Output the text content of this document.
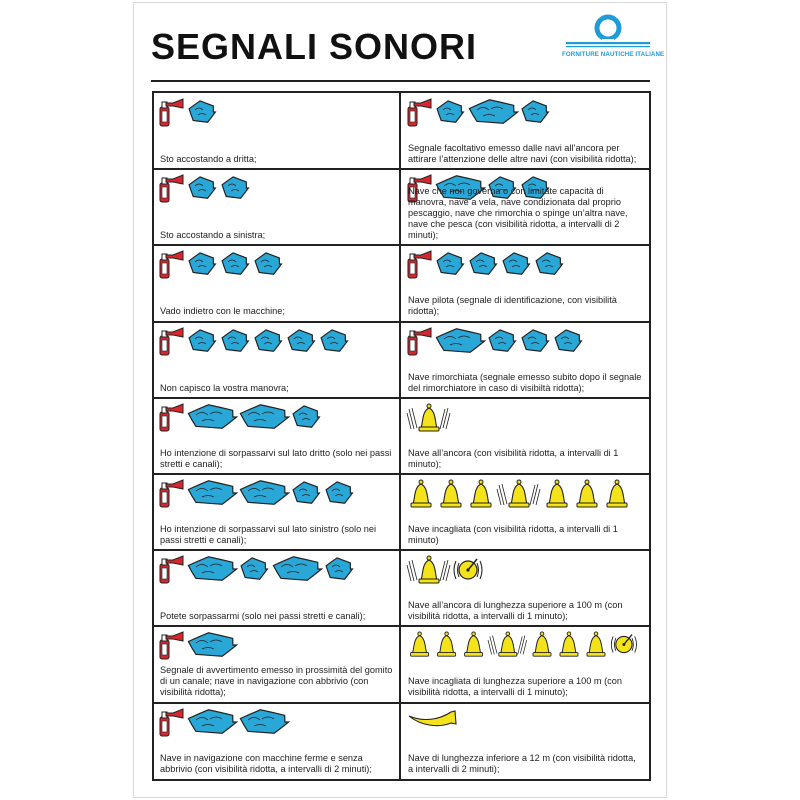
SEGNALI SONORI	FORNITURE NAUTICHE ITALIANE
Sto accostando a dritta;
Sto accostando a sinistra;
Vado indietro con le macchine;
Non capisco la vostra manovra;
Ho intenzione di sorpassarvi sul lato dritto (solo nei passi stretti e canali);
Ho intenzione di sorpassarvi sul lato sinistro (solo nei passi stretti e canali);
Potete sorpassarmi (solo nei passi stretti e canali);
Segnale di avvertimento emesso in prossimità del gomito di un canale; nave in navigazione con abbrivio (con visibilità ridotta);
Nave in navigazione con macchine ferme e senza abbrivio (con visibilità ridotta, a intervalli di 2 minuti);
Segnale facoltativo emesso dalle navi all’ancora per attirare l’attenzione delle altre navi (con visibilità ridotta);
Nave che non governa o con limitate capacità di manovra, nave a vela, nave condizionata dal proprio pescaggio, nave che rimorchia o spinge un’altra nave, nave che pesca (con visibilità ridotta, a intervalli di 2 minuti);
Nave pilota (segnale di identificazione, con visibilità ridotta);
Nave rimorchiata (segnale emesso subito dopo il segnale del rimorchiatore in caso di visibiltà ridotta);
Nave all’ancora (con visibilità ridotta, a intervalli di 1 minuto);
Nave incagliata (con visibilità ridotta, a intervalli di 1 minuto)
Nave all’ancora di lunghezza superiore a 100 m (con visibilità ridotta, a intervalli di 1 minuto);
Nave incagliata di lunghezza superiore a 100 m (con visibilità ridotta, a intervalli di 1 minuto);
Nave di lunghezza inferiore a 12 m (con visibilità ridotta, a intervalli di 2 minuti);
